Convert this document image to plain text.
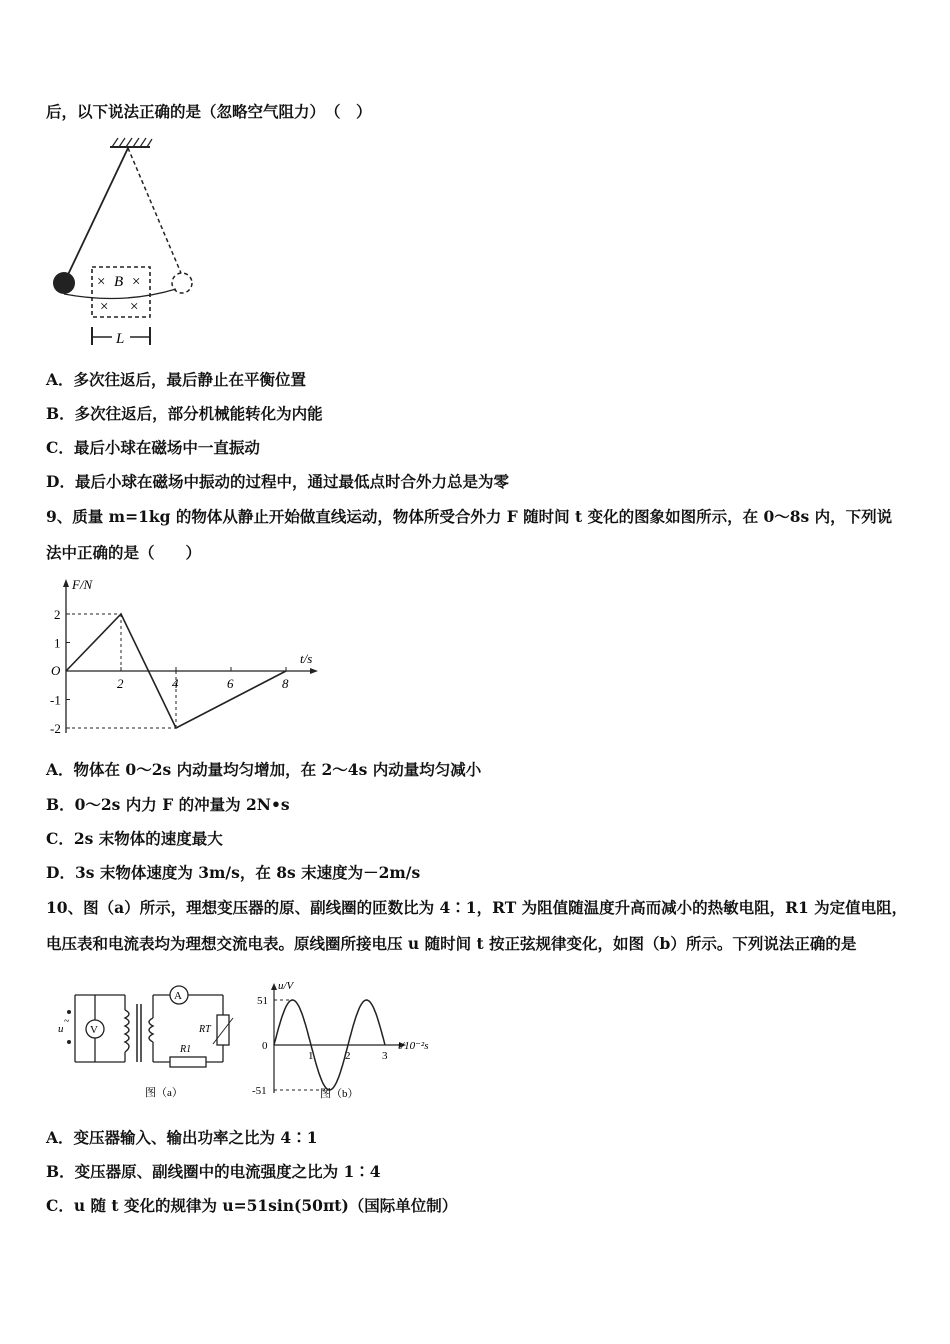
后，以下说法正确的是（忽略空气阻力）　（　）
× B ×
× ×
L
A．多次往返后，最后静止在平衡位置
B．多次往返后，部分机械能转化为内能
C．最后小球在磁场中一直振动
D．最后小球在磁场中振动的过程中，通过最低点时合外力总是为零
9、质量 m=1kg 的物体从静止开始做直线运动，物体所受合外力 F 随时间 t 变化的图象如图所示，在 0～8s 内，下列说
法中正确的是（　　）
2	4	6	8
2
1
-1
-2
O
F/N
t/s
A．物体在 0～2s 内动量均匀增加，在 2～4s 内动量均匀减小
B．0～2s 内力 F 的冲量为 2N•s
C．2s 末物体的速度最大
D．3s 末物体速度为 3m/s，在 8s 末速度为－2m/s
10、图（a）所示，理想变压器的原、副线圈的匝数比为 4∶1，RT 为阻值随温度升高而减小的热敏电阻，R1 为定值电阻，
电压表和电流表均为理想交流电表。原线圈所接电压 u 随时间 t 按正弦规律变化，如图（b）所示。下列说法正确的是
u
~
V
A
RT
R1
图（a）
1	2	3
51
-51
0
u/V
t/10⁻²s
图（b）
A．变压器输入、输出功率之比为 4∶1
B．变压器原、副线圈中的电流强度之比为 1∶4
C．u 随 t 变化的规律为 u=51sin(50πt)（国际单位制）
